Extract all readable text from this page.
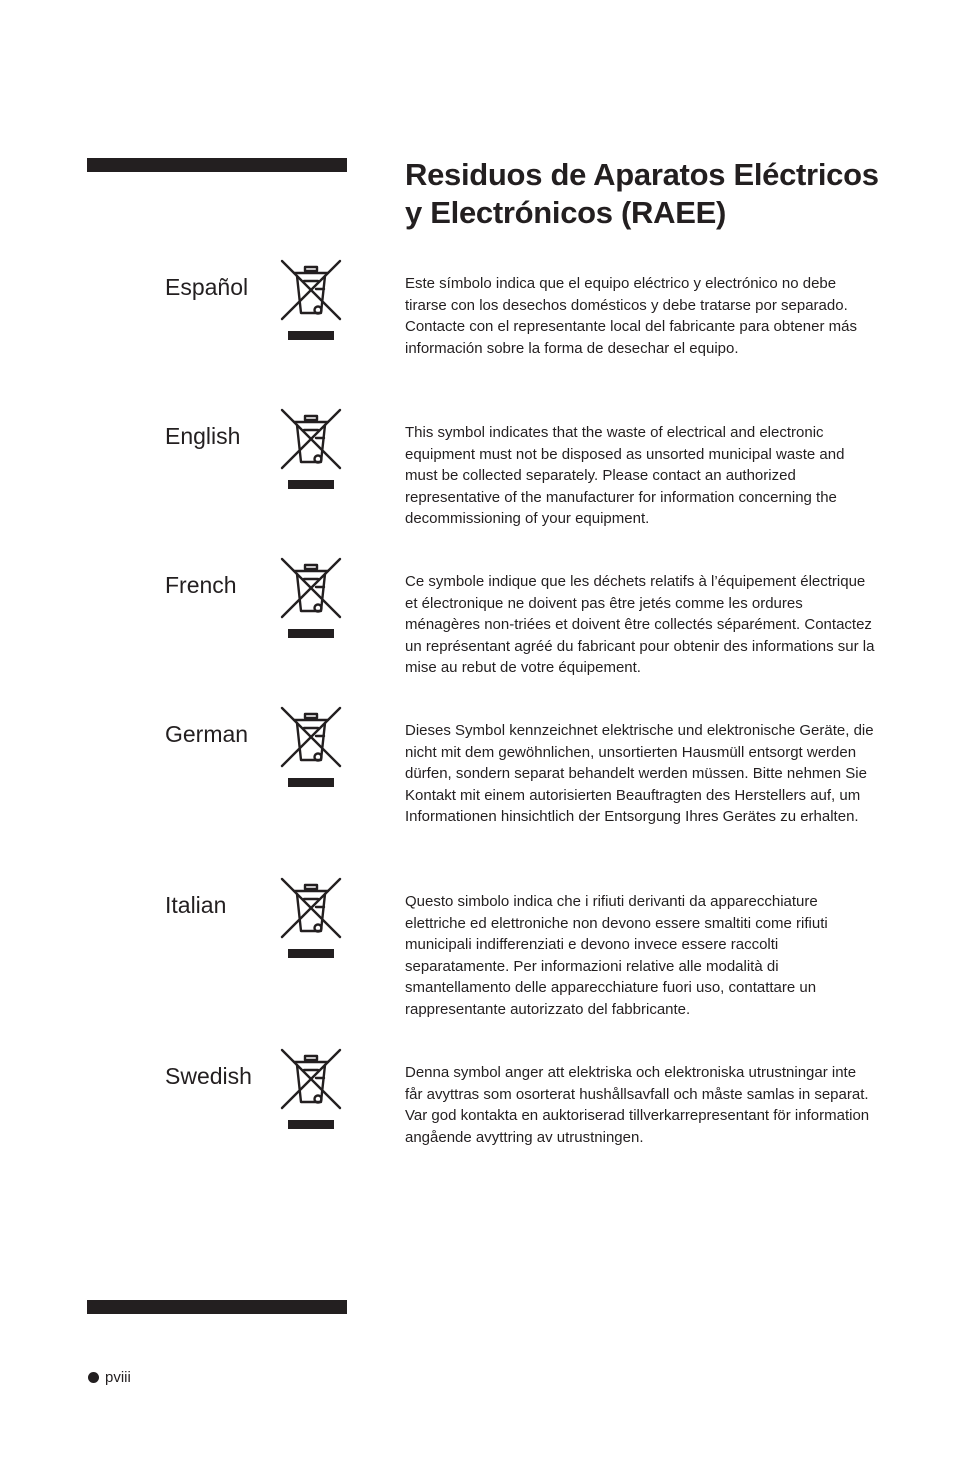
Residuos de Aparatos Eléctricos
y Electrónicos (RAEE)
Español	Este símbolo indica que el equipo eléctrico y electrónico no debe tirarse con los desechos domésticos y debe tratarse por separado. Contacte con el representante local del fabricante para obtener más información sobre la forma de desechar el equipo.

English	This symbol indicates that the waste of electrical and electronic equipment must not be disposed as unsorted municipal waste and must be collected separately. Please contact an authorized representative of the manufacturer for information concerning the decommissioning of your equipment.

French	Ce symbole indique que les déchets relatifs à l’équipement électrique et électronique ne doivent pas être jetés comme les ordures ménagères non-triées et doivent être collectés séparément. Contactez un représentant agréé du fabricant pour obtenir des informations sur la mise au rebut de votre équipement.

German	Dieses Symbol kennzeichnet elektrische und elektronische Geräte, die nicht mit dem gewöhnlichen, unsortierten Hausmüll entsorgt werden dürfen, sondern separat behandelt werden müssen. Bitte nehmen Sie Kontakt mit einem autorisierten Beauftragten des Herstellers auf, um Informationen hinsichtlich der Entsorgung Ihres Gerätes zu erhalten.

Italian	Questo simbolo indica che i rifiuti derivanti da apparecchiature elettriche ed elettroniche non devono essere smaltiti come rifiuti municipali indifferenziati e devono invece essere raccolti separatamente. Per informazioni relative alle modalità di smantellamento delle apparecchiature fuori uso, contattare un rappresentante autorizzato del fabbricante.

Swedish	Denna symbol anger att elektriska och elektroniska utrustningar inte får avyttras som osorterat hushållsavfall och måste samlas in separat. Var god kontakta en auktoriserad tillverkarrepresentant för information angående avyttring av utrustningen.

pviii
